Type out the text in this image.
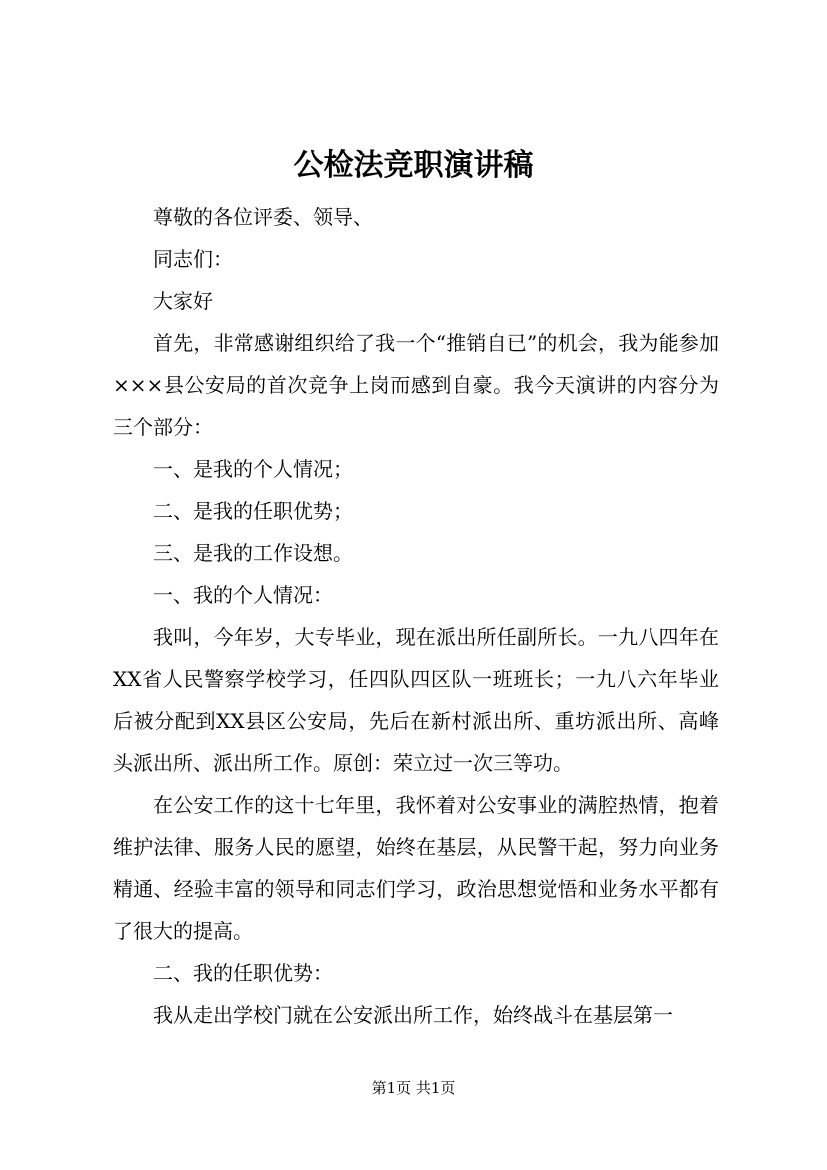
公检法竞职演讲稿

尊敬的各位评委、领导、

同志们：

大家好

首先，非常感谢组织给了我一个“推销自已”的机会，我为能参加×××县公安局的首次竞争上岗而感到自豪。我今天演讲的内容分为三个部分：

一、是我的个人情况；

二、是我的任职优势；

三、是我的工作设想。

一、我的个人情况：

我叫，今年岁，大专毕业，现在派出所任副所长。一九八四年在XX省人民警察学校学习，任四队四区队一班班长；一九八六年毕业后被分配到XX县区公安局，先后在新村派出所、重坊派出所、高峰头派出所、派出所工作。原创：荣立过一次三等功。

在公安工作的这十七年里，我怀着对公安事业的满腔热情，抱着维护法律、服务人民的愿望，始终在基层，从民警干起，努力向业务精通、经验丰富的领导和同志们学习，政治思想觉悟和业务水平都有了很大的提高。

二、我的任职优势：

我从走出学校门就在公安派出所工作，始终战斗在基层第一

第1页 共1页
